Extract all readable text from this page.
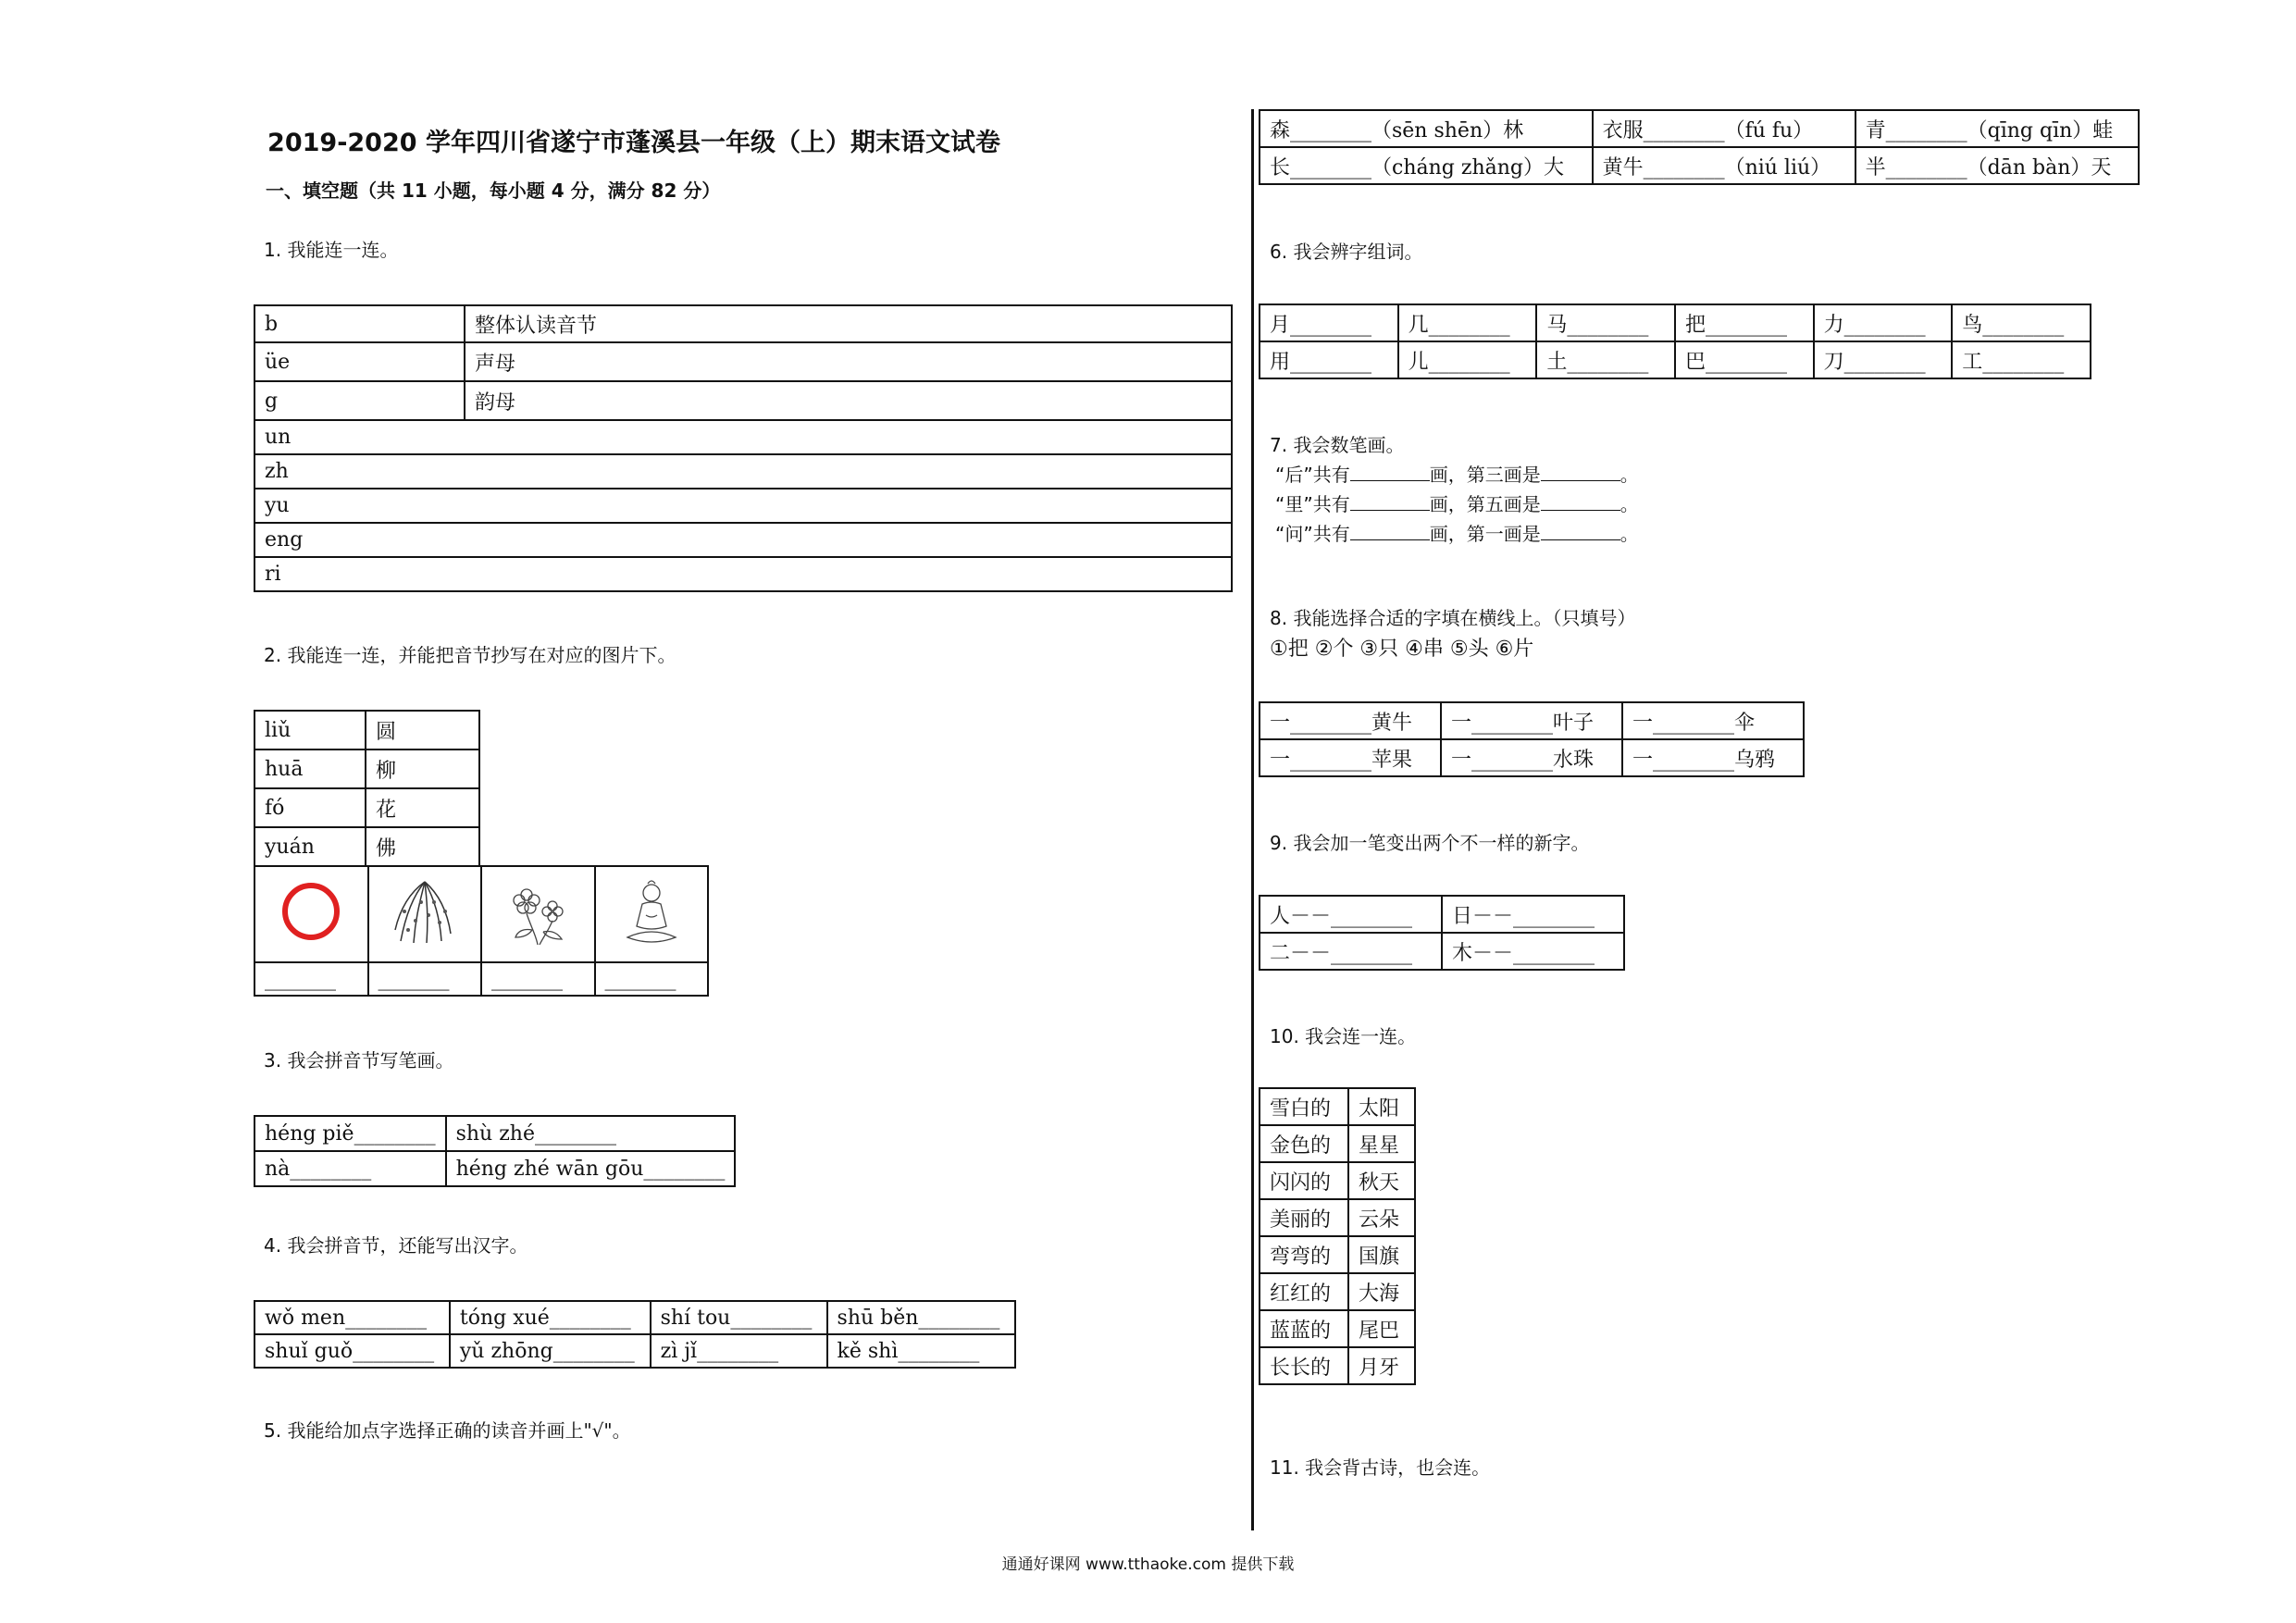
2019-2020 学年四川省遂宁市蓬溪县一年级（上）期末语文试卷
一、填空题（共 11 小题，每小题 4 分，满分 82 分）
1. 我能连一连。
b	整体认读音节
üe	声母
g	韵母
un	
zh	
yu	
eng	
ri	
2. 我能连一连，并能把音节抄写在对应的图片下。
liǔ	圆
huā	柳
fó	花
yuán	佛

_______	_______	_______	_______
3. 我会拼音节写笔画。
héng piě________	shù zhé________
nà________	héng zhé wān gōu________
4. 我会拼音节，还能写出汉字。
wǒ men________	tóng xué________	shí tou________	shū běn________
shuǐ guǒ________	yǔ zhōng________	zì jǐ________	kě shì________
5. 我能给加点字选择正确的读音并画上"√"。
森________（sēn shēn）林	衣服________（fú fu）	青________（qīng qīn）蛙
长________（cháng zhǎng）大	黄牛________（niú liú）	半________（dān bàn）天
6. 我会辨字组词。
月________	几________	马________	把________	力________	鸟________
用________	儿________	土________	巴________	刀________	工________
7. 我会数笔画。
“后”共有	画，第三画是	。
“里”共有	画，第五画是	。
“问”共有	画，第一画是	。
8. 我能选择合适的字填在横线上。（只填号）
①把 ②个 ③只 ④串 ⑤头 ⑥片
一________黄牛	一________叶子	一________伞
一________苹果	一________水珠	一________乌鸦
9. 我会加一笔变出两个不一样的新字。
人－－________	日－－________
二－－________	木－－________
10. 我会连一连。
雪白的	太阳
金色的	星星
闪闪的	秋天
美丽的	云朵
弯弯的	国旗
红红的	大海
蓝蓝的	尾巴
长长的	月牙
11. 我会背古诗，也会连。
通通好课网 www.tthaoke.com 提供下载
